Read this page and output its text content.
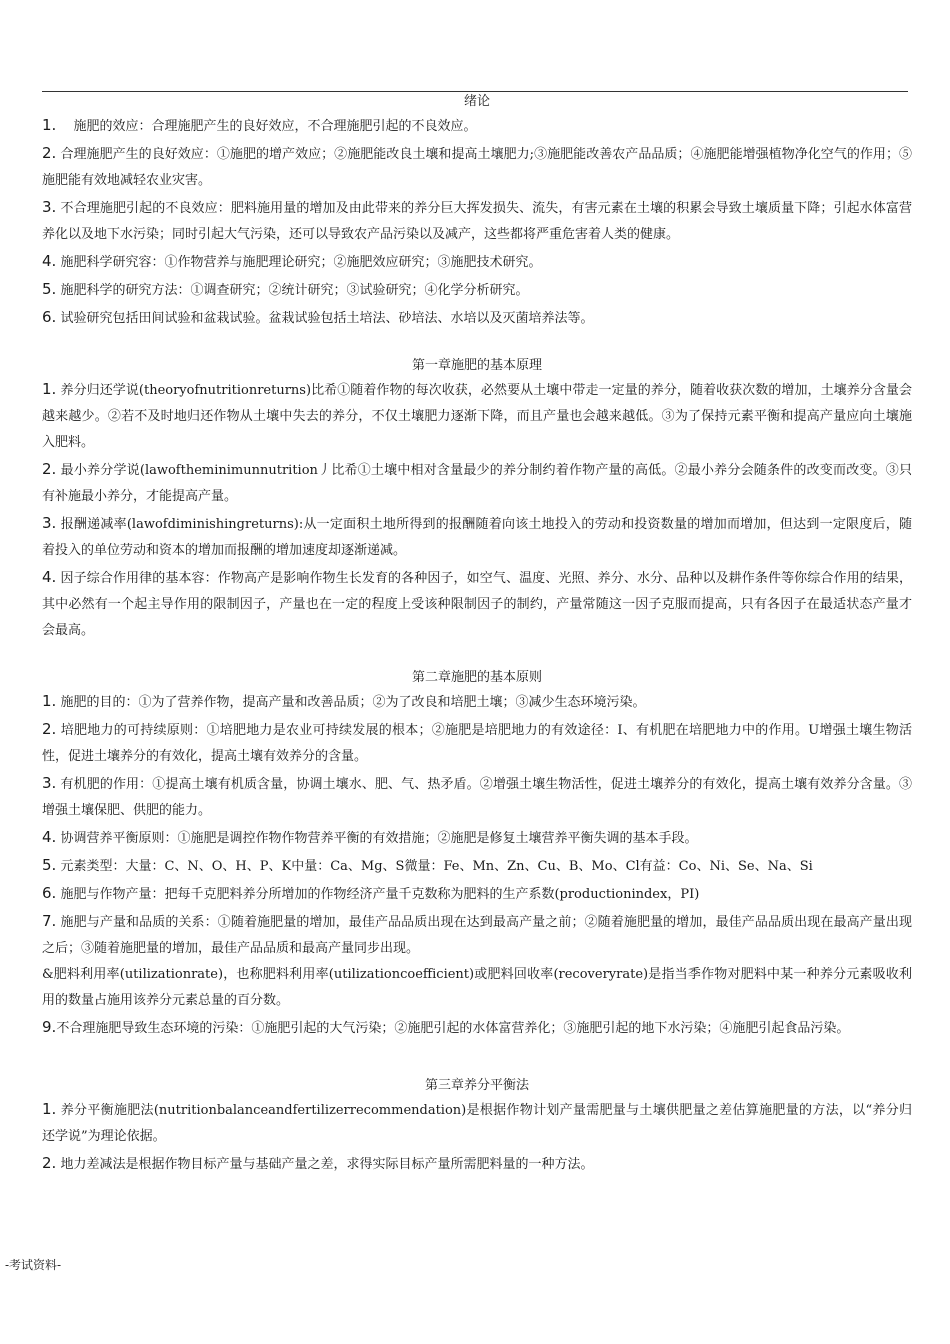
绪论
1. 　施肥的效应：合理施肥产生的良好效应，不合理施肥引起的不良效应。
2. 合理施肥产生的良好效应：①施肥的增产效应；②施肥能改良土壤和提高土壤肥力;③施肥能改善农产品品质；④施肥能增强植物净化空气的作用；⑤施肥能有效地减轻农业灾害。
3. 不合理施肥引起的不良效应：肥料施用量的增加及由此带来的养分巨大挥发损失、流失，有害元素在土壤的积累会导致土壤质量下降；引起水体富营养化以及地下水污染；同时引起大气污染，还可以导致农产品污染以及减产，这些都将严重危害着人类的健康。
4. 施肥科学研究容：①作物营养与施肥理论研究；②施肥效应研究；③施肥技术研究。
5. 施肥科学的研究方法：①调查研究；②统计研究；③试验研究；④化学分析研究。
6. 试验研究包括田间试验和盆栽试验。盆栽试验包括土培法、砂培法、水培以及灭菌培养法等。
第一章施肥的基本原理
1. 养分归还学说(theoryofnutritionreturns)比希①随着作物的每次收获，必然要从土壤中带走一定量的养分，随着收获次数的增加，土壤养分含量会越来越少。②若不及时地归还作物从土壤中失去的养分，不仅土壤肥力逐渐下降，而且产量也会越来越低。③为了保持元素平衡和提高产量应向土壤施入肥料。
2. 最小养分学说(lawoftheminimunnutrition丿比希①土壤中相对含量最少的养分制约着作物产量的高低。②最小养分会随条件的改变而改变。③只有补施最小养分，才能提高产量。
3. 报酬递减率(lawofdiminishingreturns):从一定面积土地所得到的报酬随着向该土地投入的劳动和投资数量的增加而增加，但达到一定限度后，随着投入的单位劳动和资本的增加而报酬的增加速度却逐渐递减。
4. 因子综合作用律的基本容：作物高产是影响作物生长发育的各种因子，如空气、温度、光照、养分、水分、品种以及耕作条件等你综合作用的结果，其中必然有一个起主导作用的限制因子，产量也在一定的程度上受该种限制因子的制约，产量常随这一因子克服而提高，只有各因子在最适状态产量才会最高。
第二章施肥的基本原则
1. 施肥的目的：①为了营养作物，提高产量和改善品质；②为了改良和培肥土壤；③减少生态环境污染。
2. 培肥地力的可持续原则：①培肥地力是农业可持续发展的根本；②施肥是培肥地力的有效途径：I、有机肥在培肥地力中的作用。U增强土壤生物活性，促进土壤养分的有效化，提高土壤有效养分的含量。
3. 有机肥的作用：①提高土壤有机质含量，协调土壤水、肥、气、热矛盾。②增强土壤生物活性，促进土壤养分的有效化，提高土壤有效养分含量。③增强土壤保肥、供肥的能力。
4. 协调营养平衡原则：①施肥是调控作物作物营养平衡的有效措施；②施肥是修复土壤营养平衡失调的基本手段。
5. 元素类型：大量：C、N、O、H、P、K中量：Ca、Mg、S微量：Fe、Mn、Zn、Cu、B、Mo、Cl有益：Co、Ni、Se、Na、Si
6. 施肥与作物产量：把每千克肥料养分所增加的作物经济产量千克数称为肥料的生产系数(productionindex，PI)
7. 施肥与产量和品质的关系：①随着施肥量的增加，最佳产品品质出现在达到最高产量之前；②随着施肥量的增加，最佳产品品质出现在最高产量出现之后；③随着施肥量的增加，最佳产品品质和最高产量同步出现。
&肥料利用率(utilizationrate)，也称肥料利用率(utilizationcoefficient)或肥料回收率(recoveryrate)是指当季作物对肥料中某一种养分元素吸收利用的数量占施用该养分元素总量的百分数。
9.不合理施肥导致生态环境的污染：①施肥引起的大气污染；②施肥引起的水体富营养化；③施肥引起的地下水污染；④施肥引起食品污染。
第三章养分平衡法
1. 养分平衡施肥法(nutritionbalanceandfertilizerrecommendation)是根据作物计划产量需肥量与土壤供肥量之差估算施肥量的方法，以“养分归还学说”为理论依据。
2. 地力差减法是根据作物目标产量与基础产量之差，求得实际目标产量所需肥料量的一种方法。
-考试资料-
